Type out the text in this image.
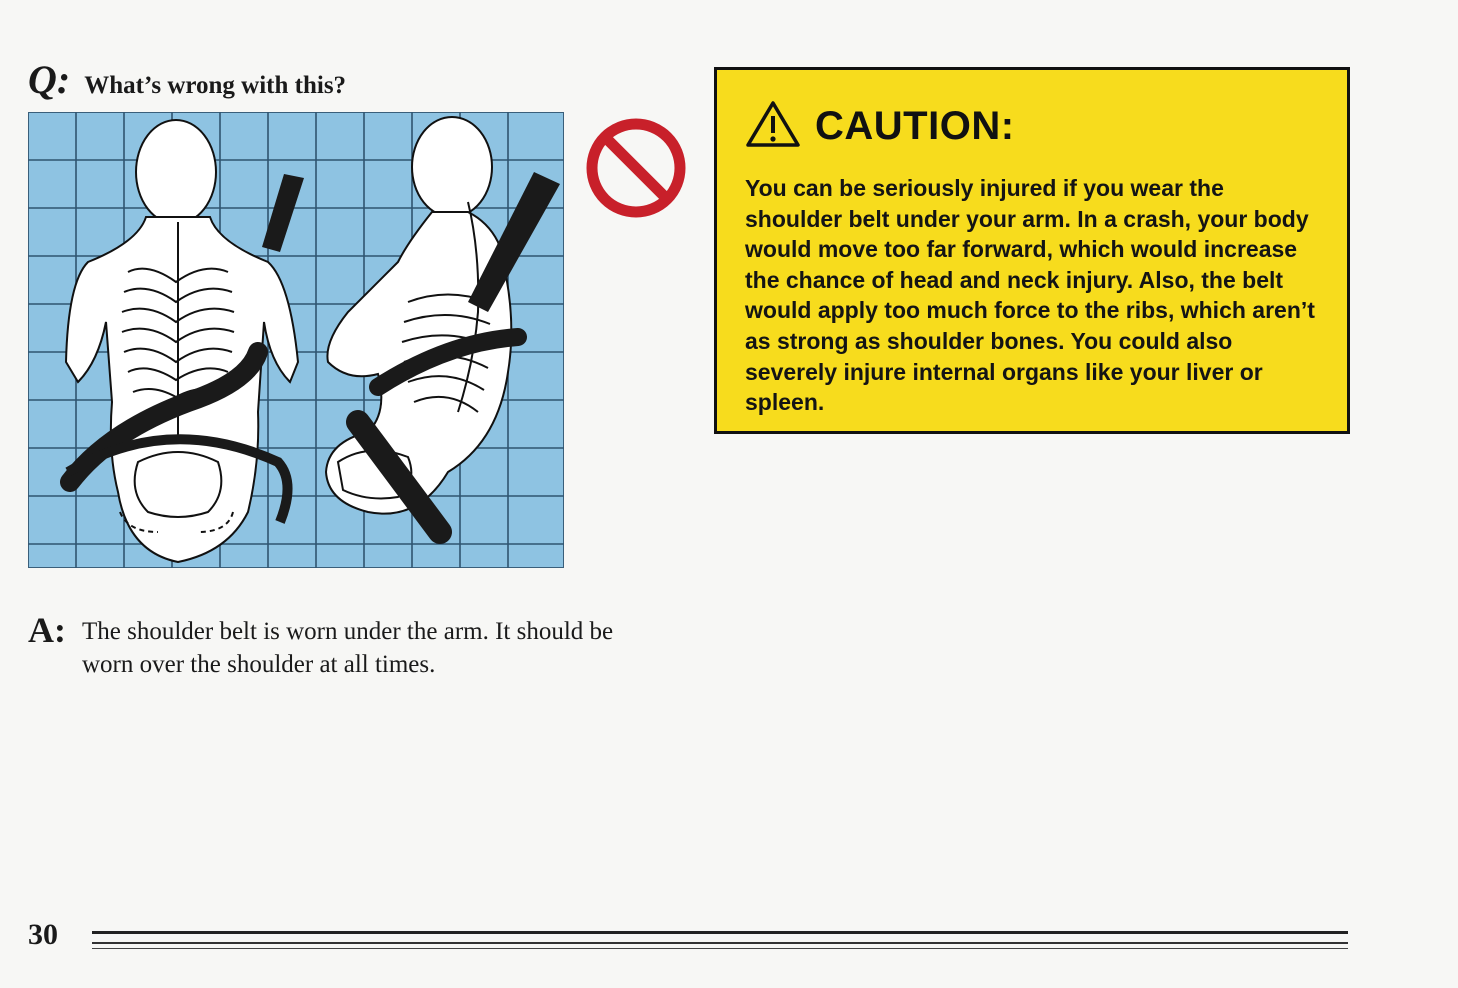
Q: What’s wrong with this?
A: The shoulder belt is worn under the arm. It should be worn over the shoulder at all times.
CAUTION:
You can be seriously injured if you wear the shoulder belt under your arm. In a crash, your body would move too far forward, which would increase the chance of head and neck injury. Also, the belt would apply too much force to the ribs, which aren’t as strong as shoulder bones. You could also severely injure internal organs like your liver or spleen.
30
